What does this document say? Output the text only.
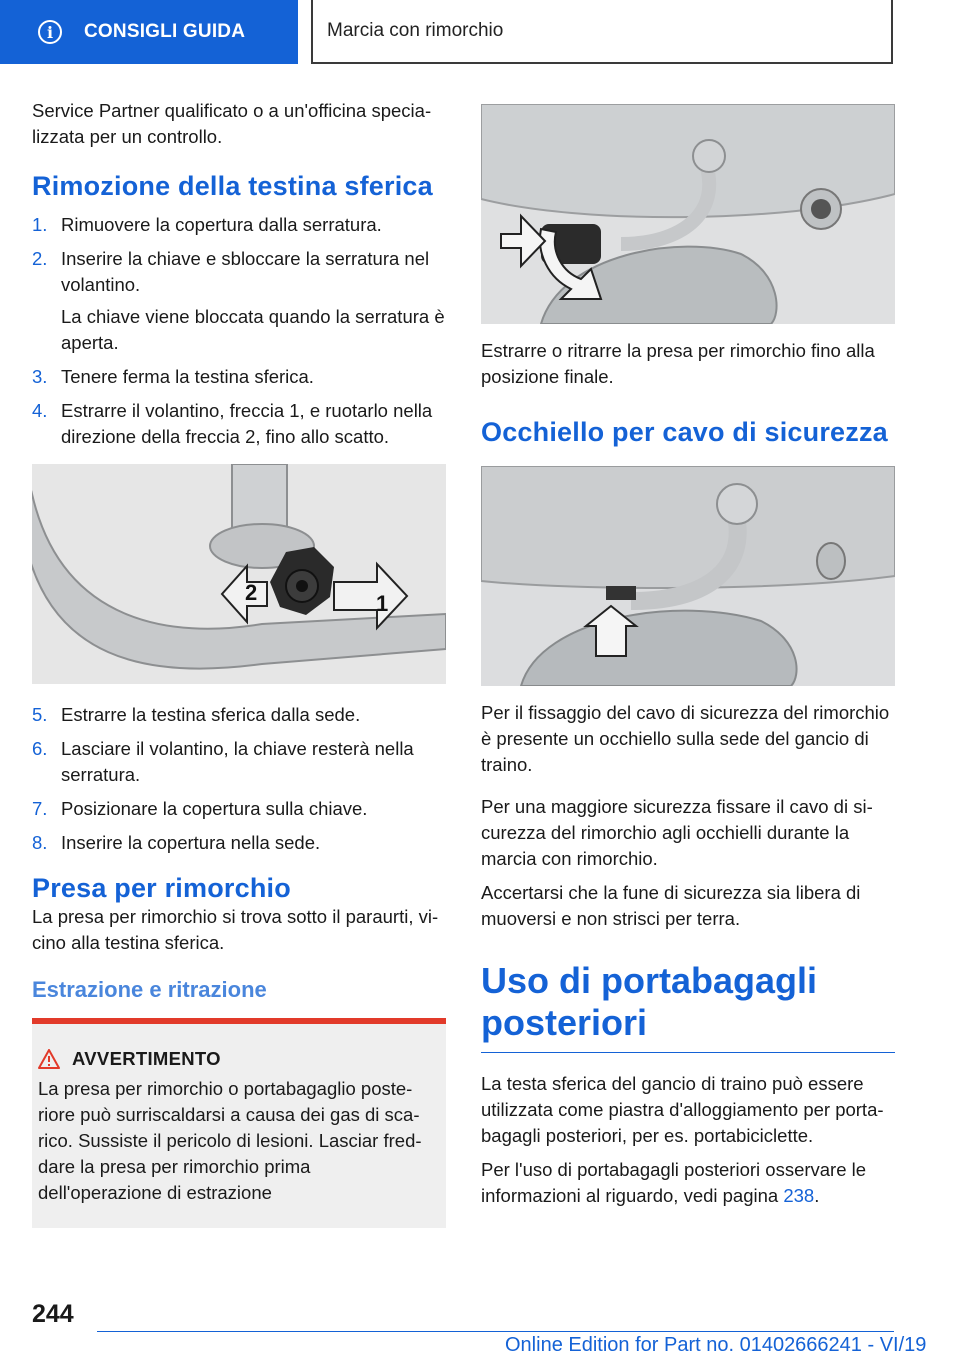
i	CONSIGLI GUIDA	Marcia con rimorchio

Service Partner qualificato o a un'officina specia-lizzata per un controllo.

Rimozione della testina sferica
1. Rimuovere la copertura dalla serratura.
2. Inserire la chiave e sbloccare la serratura nel volantino.
La chiave viene bloccata quando la serratura è aperta.
3. Tenere ferma la testina sferica.
4. Estrarre il volantino, freccia 1, e ruotarlo nella direzione della freccia 2, fino allo scatto.
2	1
5. Estrarre la testina sferica dalla sede.
6. Lasciare il volantino, la chiave resterà nella serratura.
7. Posizionare la copertura sulla chiave.
8. Inserire la copertura nella sede.
Presa per rimorchio

La presa per rimorchio si trova sotto il paraurti, vi-cino alla testina sferica.

Estrazione e ritrazione
AVVERTIMENTO

La presa per rimorchio o portabagaglio poste-riore può surriscaldarsi a causa dei gas di sca-rico. Sussiste il pericolo di lesioni. Lasciar fred-dare la presa per rimorchio prima dell'operazione di estrazione

Estrarre o ritrarre la presa per rimorchio fino alla posizione finale.

Occhiello per cavo di sicurezza

Per il fissaggio del cavo di sicurezza del rimorchio è presente un occhiello sulla sede del gancio di traino.

Per una maggiore sicurezza fissare il cavo di si-curezza del rimorchio agli occhielli durante la marcia con rimorchio.

Accertarsi che la fune di sicurezza sia libera di muoversi e non strisci per terra.

Uso di portabagagli posteriori

La testa sferica del gancio di traino può essere utilizzata come piastra d'alloggiamento per porta-bagagli posteriori, per es. portabiciclette.

Per l'uso di portabagagli posteriori osservare le informazioni al riguardo, vedi pagina 238.

244
Online Edition for Part no. 01402666241 - VI/19
